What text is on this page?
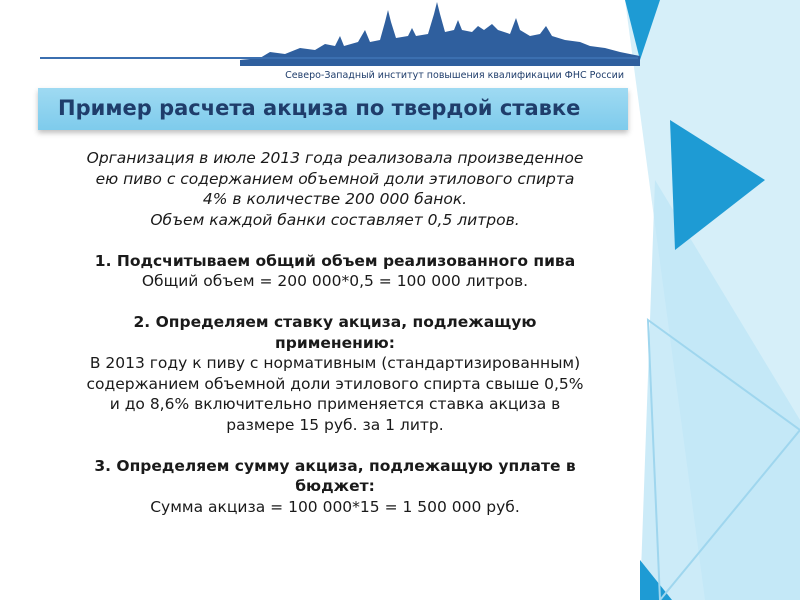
Северо-Западный институт повышения квалификации ФНС России
Пример расчета акциза по твердой ставке
Организация в июле 2013 года реализовала произведенное
ею пиво с содержанием объемной доли этилового спирта
4% в количестве 200 000 банок.
Объем каждой банки составляет 0,5 литров.
1. Подсчитываем общий объем реализованного пива
Общий объем = 200 000*0,5 = 100 000 литров.
2. Определяем ставку акциза, подлежащую
применению:
В 2013 году к пиву с нормативным (стандартизированным)
содержанием объемной доли этилового спирта свыше 0,5%
и до 8,6% включительно применяется ставка акциза в
размере 15 руб. за 1 литр.
3. Определяем сумму акциза, подлежащую уплате в
бюджет:
Сумма акциза = 100 000*15 = 1 500 000 руб.
